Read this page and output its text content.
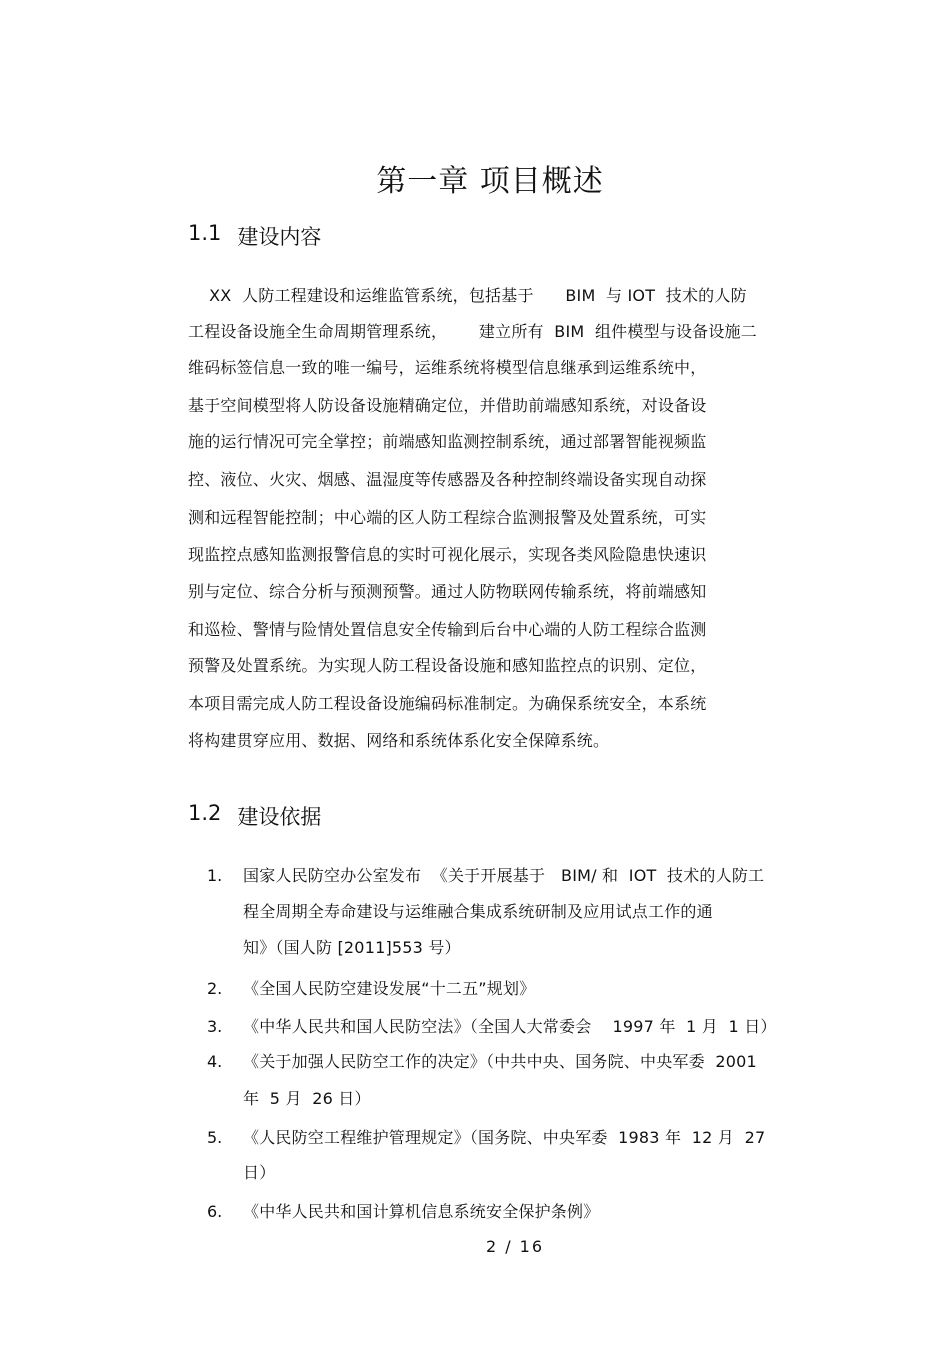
第一章 项目概述
1.1 建设内容
XX  人防工程建设和运维监管系统，包括基于      BIM  与 IOT  技术的人防
工程设备设施全生命周期管理系统，      建立所有  BIM  组件模型与设备设施二
维码标签信息一致的唯一编号，运维系统将模型信息继承到运维系统中，
基于空间模型将人防设备设施精确定位，并借助前端感知系统，对设备设
施的运行情况可完全掌控；前端感知监测控制系统，通过部署智能视频监
控、液位、火灾、烟感、温湿度等传感器及各种控制终端设备实现自动探
测和远程智能控制；中心端的区人防工程综合监测报警及处置系统，可实
现监控点感知监测报警信息的实时可视化展示，实现各类风险隐患快速识
别与定位、综合分析与预测预警。通过人防物联网传输系统，将前端感知
和巡检、警情与险情处置信息安全传输到后台中心端的人防工程综合监测
预警及处置系统。为实现人防工程设备设施和感知监控点的识别、定位，
本项目需完成人防工程设备设施编码标准制定。为确保系统安全，本系统
将构建贯穿应用、数据、网络和系统体系化安全保障系统。
1.2 建设依据
1. 国家人民防空办公室发布  《关于开展基于   BIM/ 和  IOT  技术的人防工
程全周期全寿命建设与运维融合集成系统研制及应用试点工作的通
知》（国人防 [2011]553 号）
2. 《全国人民防空建设发展“十二五”规划》
3. 《中华人民共和国人民防空法》（全国人大常委会    1997 年  1 月  1 日）
4. 《关于加强人民防空工作的决定》（中共中央、国务院、中央军委  2001
年  5 月  26 日）
5. 《人民防空工程维护管理规定》（国务院、中央军委  1983 年  12 月  27
日）
6. 《中华人民共和国计算机信息系统安全保护条例》
2 / 16
